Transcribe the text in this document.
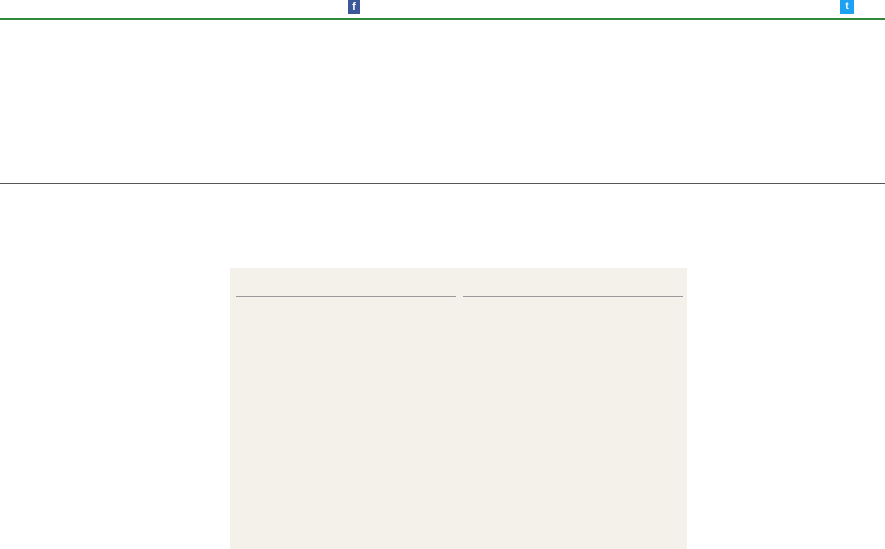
f	t
